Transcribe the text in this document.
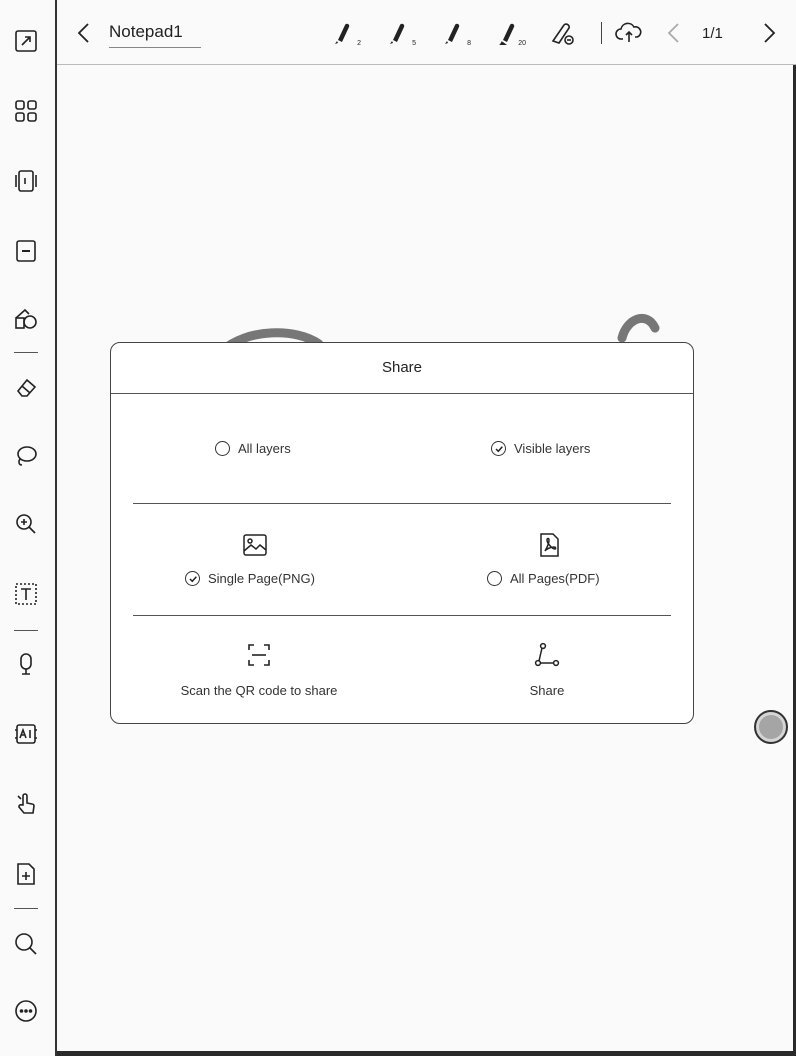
Notepad1
2	5	8	20
1/1
Share
All layers	Visible layers
Single Page(PNG)	All Pages(PDF)
Scan the QR code to share	Share
